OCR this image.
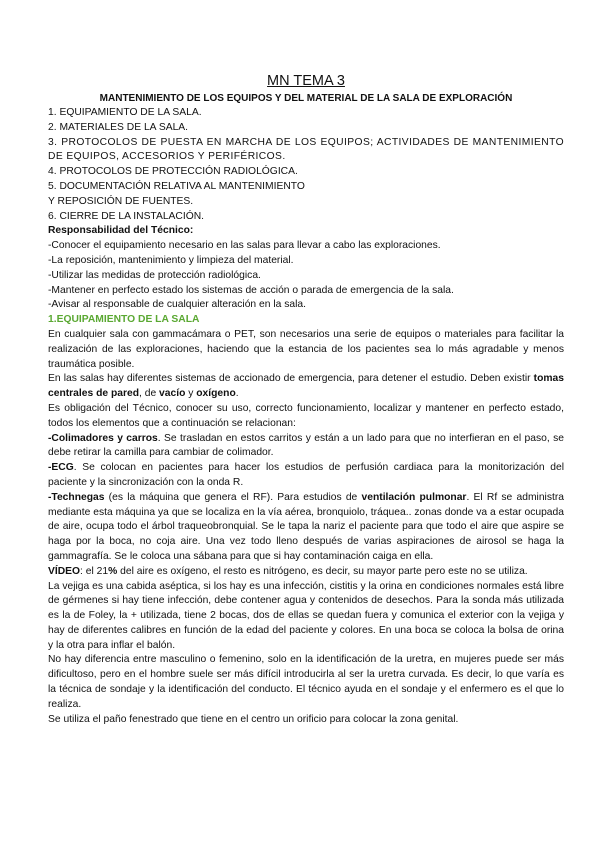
MN TEMA 3

MANTENIMIENTO DE LOS EQUIPOS Y DEL MATERIAL DE LA SALA DE EXPLORACIÓN

1. EQUIPAMIENTO DE LA SALA.

2. MATERIALES DE LA SALA.

3. PROTOCOLOS DE PUESTA EN MARCHA DE LOS EQUIPOS; ACTIVIDADES DE MANTENIMIENTO DE EQUIPOS, ACCESORIOS Y PERIFÉRICOS.

4. PROTOCOLOS DE PROTECCIÓN RADIOLÓGICA.

5. DOCUMENTACIÓN RELATIVA AL MANTENIMIENTO

Y REPOSICIÓN DE FUENTES.

6. CIERRE DE LA INSTALACIÓN.

Responsabilidad del Técnico:

-Conocer el equipamiento necesario en las salas para llevar a cabo las exploraciones.

-La reposición, mantenimiento y limpieza del material.

-Utilizar las medidas de protección radiológica.

-Mantener en perfecto estado los sistemas de acción o parada de emergencia de la sala.

-Avisar al responsable de cualquier alteración en la sala.

1.EQUIPAMIENTO DE LA SALA

En cualquier sala con gammacámara o PET, son necesarios una serie de equipos o materiales para facilitar la realización de las exploraciones, haciendo que la estancia de los pacientes sea lo más agradable y menos traumática posible.

En las salas hay diferentes sistemas de accionado de emergencia, para detener el estudio. Deben existir tomas centrales de pared, de vacío y oxígeno.

Es obligación del Técnico, conocer su uso, correcto funcionamiento, localizar y mantener en perfecto estado, todos los elementos que a continuación se relacionan:

-Colimadores y carros. Se trasladan en estos carritos y están a un lado para que no interfieran en el paso, se debe retirar la camilla para cambiar de colimador.

-ECG. Se colocan en pacientes para hacer los estudios de perfusión cardiaca para la monitorización del paciente y la sincronización con la onda R.

-Technegas (es la máquina que genera el RF). Para estudios de ventilación pulmonar. El Rf se administra mediante esta máquina ya que se localiza en la vía aérea, bronquiolo, tráquea.. zonas donde va a estar ocupada de aire, ocupa todo el árbol traqueobronquial. Se le tapa la nariz el paciente para que todo el aire que aspire se haga por la boca, no coja aire. Una vez todo lleno después de varias aspiraciones de airosol se haga la gammagrafía. Se le coloca una sábana para que si hay contaminación caiga en ella.

VÍDEO: el 21% del aire es oxígeno, el resto es nitrógeno, es decir, su mayor parte pero este no se utiliza.

La vejiga es una cabida aséptica, si los hay es una infección, cistitis y la orina en condiciones normales está libre de gérmenes si hay tiene infección, debe contener agua y contenidos de desechos. Para la sonda más utilizada es la de Foley, la + utilizada, tiene 2 bocas, dos de ellas se quedan fuera y comunica el exterior con la vejiga y hay de diferentes calibres en función de la edad del paciente y colores. En una boca se coloca la bolsa de orina y la otra para inflar el balón.

No hay diferencia entre masculino o femenino, solo en la identificación de la uretra, en mujeres puede ser más dificultoso, pero en el hombre suele ser más difícil introducirla al ser la uretra curvada. Es decir, lo que varía es la técnica de sondaje y la identificación del conducto. El técnico ayuda en el sondaje y el enfermero es el que lo realiza.

Se utiliza el paño fenestrado que tiene en el centro un orificio para colocar la zona genital.
